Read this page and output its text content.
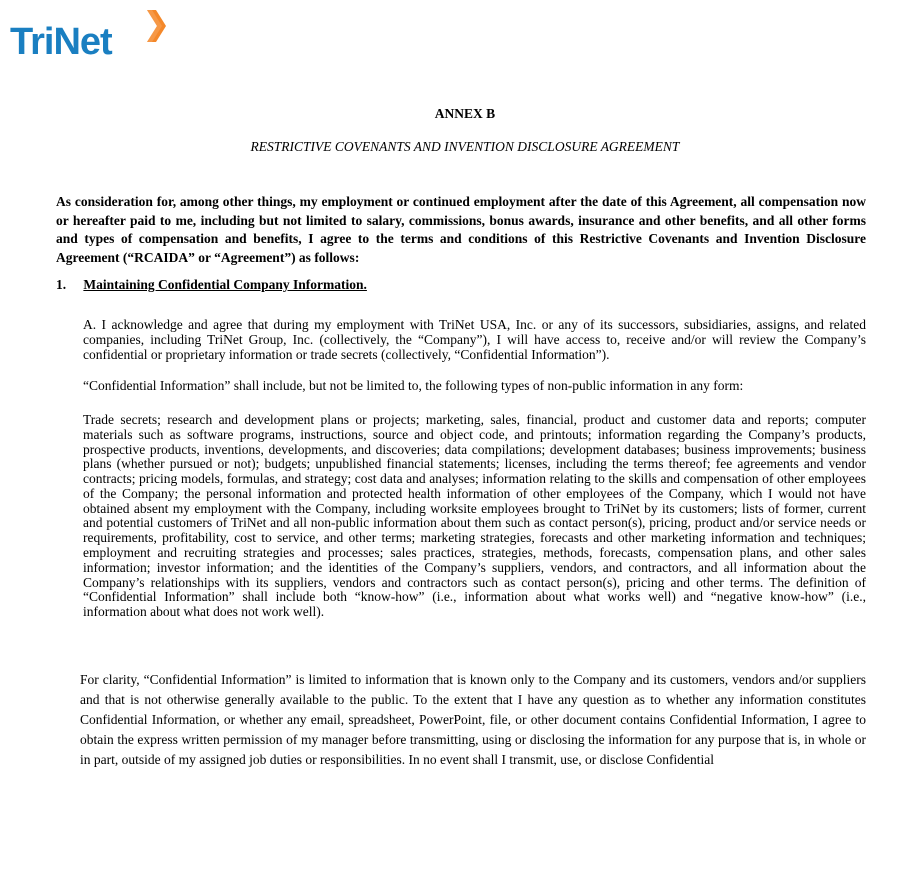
TriNet
ANNEX B
RESTRICTIVE COVENANTS AND INVENTION DISCLOSURE AGREEMENT
As consideration for, among other things, my employment or continued employment after the date of this Agreement, all compensation now or hereafter paid to me, including but not limited to salary, commissions, bonus awards, insurance and other benefits, and all other forms and types of compensation and benefits, I agree to the terms and conditions of this Restrictive Covenants and Invention Disclosure Agreement (“RCAIDA” or “Agreement”) as follows:
1. Maintaining Confidential Company Information.
A. I acknowledge and agree that during my employment with TriNet USA, Inc. or any of its successors, subsidiaries, assigns, and related companies, including TriNet Group, Inc. (collectively, the “Company”), I will have access to, receive and/or will review the Company’s confidential or proprietary information or trade secrets (collectively, “Confidential Information”).
“Confidential Information” shall include, but not be limited to, the following types of non-public information in any form:
Trade secrets; research and development plans or projects; marketing, sales, financial, product and customer data and reports; computer materials such as software programs, instructions, source and object code, and printouts; information regarding the Company’s products, prospective products, inventions, developments, and discoveries; data compilations; development databases; business improvements; business plans (whether pursued or not); budgets; unpublished financial statements; licenses, including the terms thereof; fee agreements and vendor contracts; pricing models, formulas, and strategy; cost data and analyses; information relating to the skills and compensation of other employees of the Company; the personal information and protected health information of other employees of the Company, which I would not have obtained absent my employment with the Company, including worksite employees brought to TriNet by its customers; lists of former, current and potential customers of TriNet and all non-public information about them such as contact person(s), pricing, product and/or service needs or requirements, profitability, cost to service, and other terms; marketing strategies, forecasts and other marketing information and techniques; employment and recruiting strategies and processes; sales practices, strategies, methods, forecasts, compensation plans, and other sales information; investor information; and the identities of the Company’s suppliers, vendors, and contractors, and all information about the Company’s relationships with its suppliers, vendors and contractors such as contact person(s), pricing and other terms. The definition of “Confidential Information” shall include both “know-how” (i.e., information about what works well) and “negative know-how” (i.e., information about what does not work well).
For clarity, “Confidential Information” is limited to information that is known only to the Company and its customers, vendors and/or suppliers and that is not otherwise generally available to the public. To the extent that I have any question as to whether any information constitutes Confidential Information, or whether any email, spreadsheet, PowerPoint, file, or other document contains Confidential Information, I agree to obtain the express written permission of my manager before transmitting, using or disclosing the information for any purpose that is, in whole or in part, outside of my assigned job duties or responsibilities. In no event shall I transmit, use, or disclose Confidential
